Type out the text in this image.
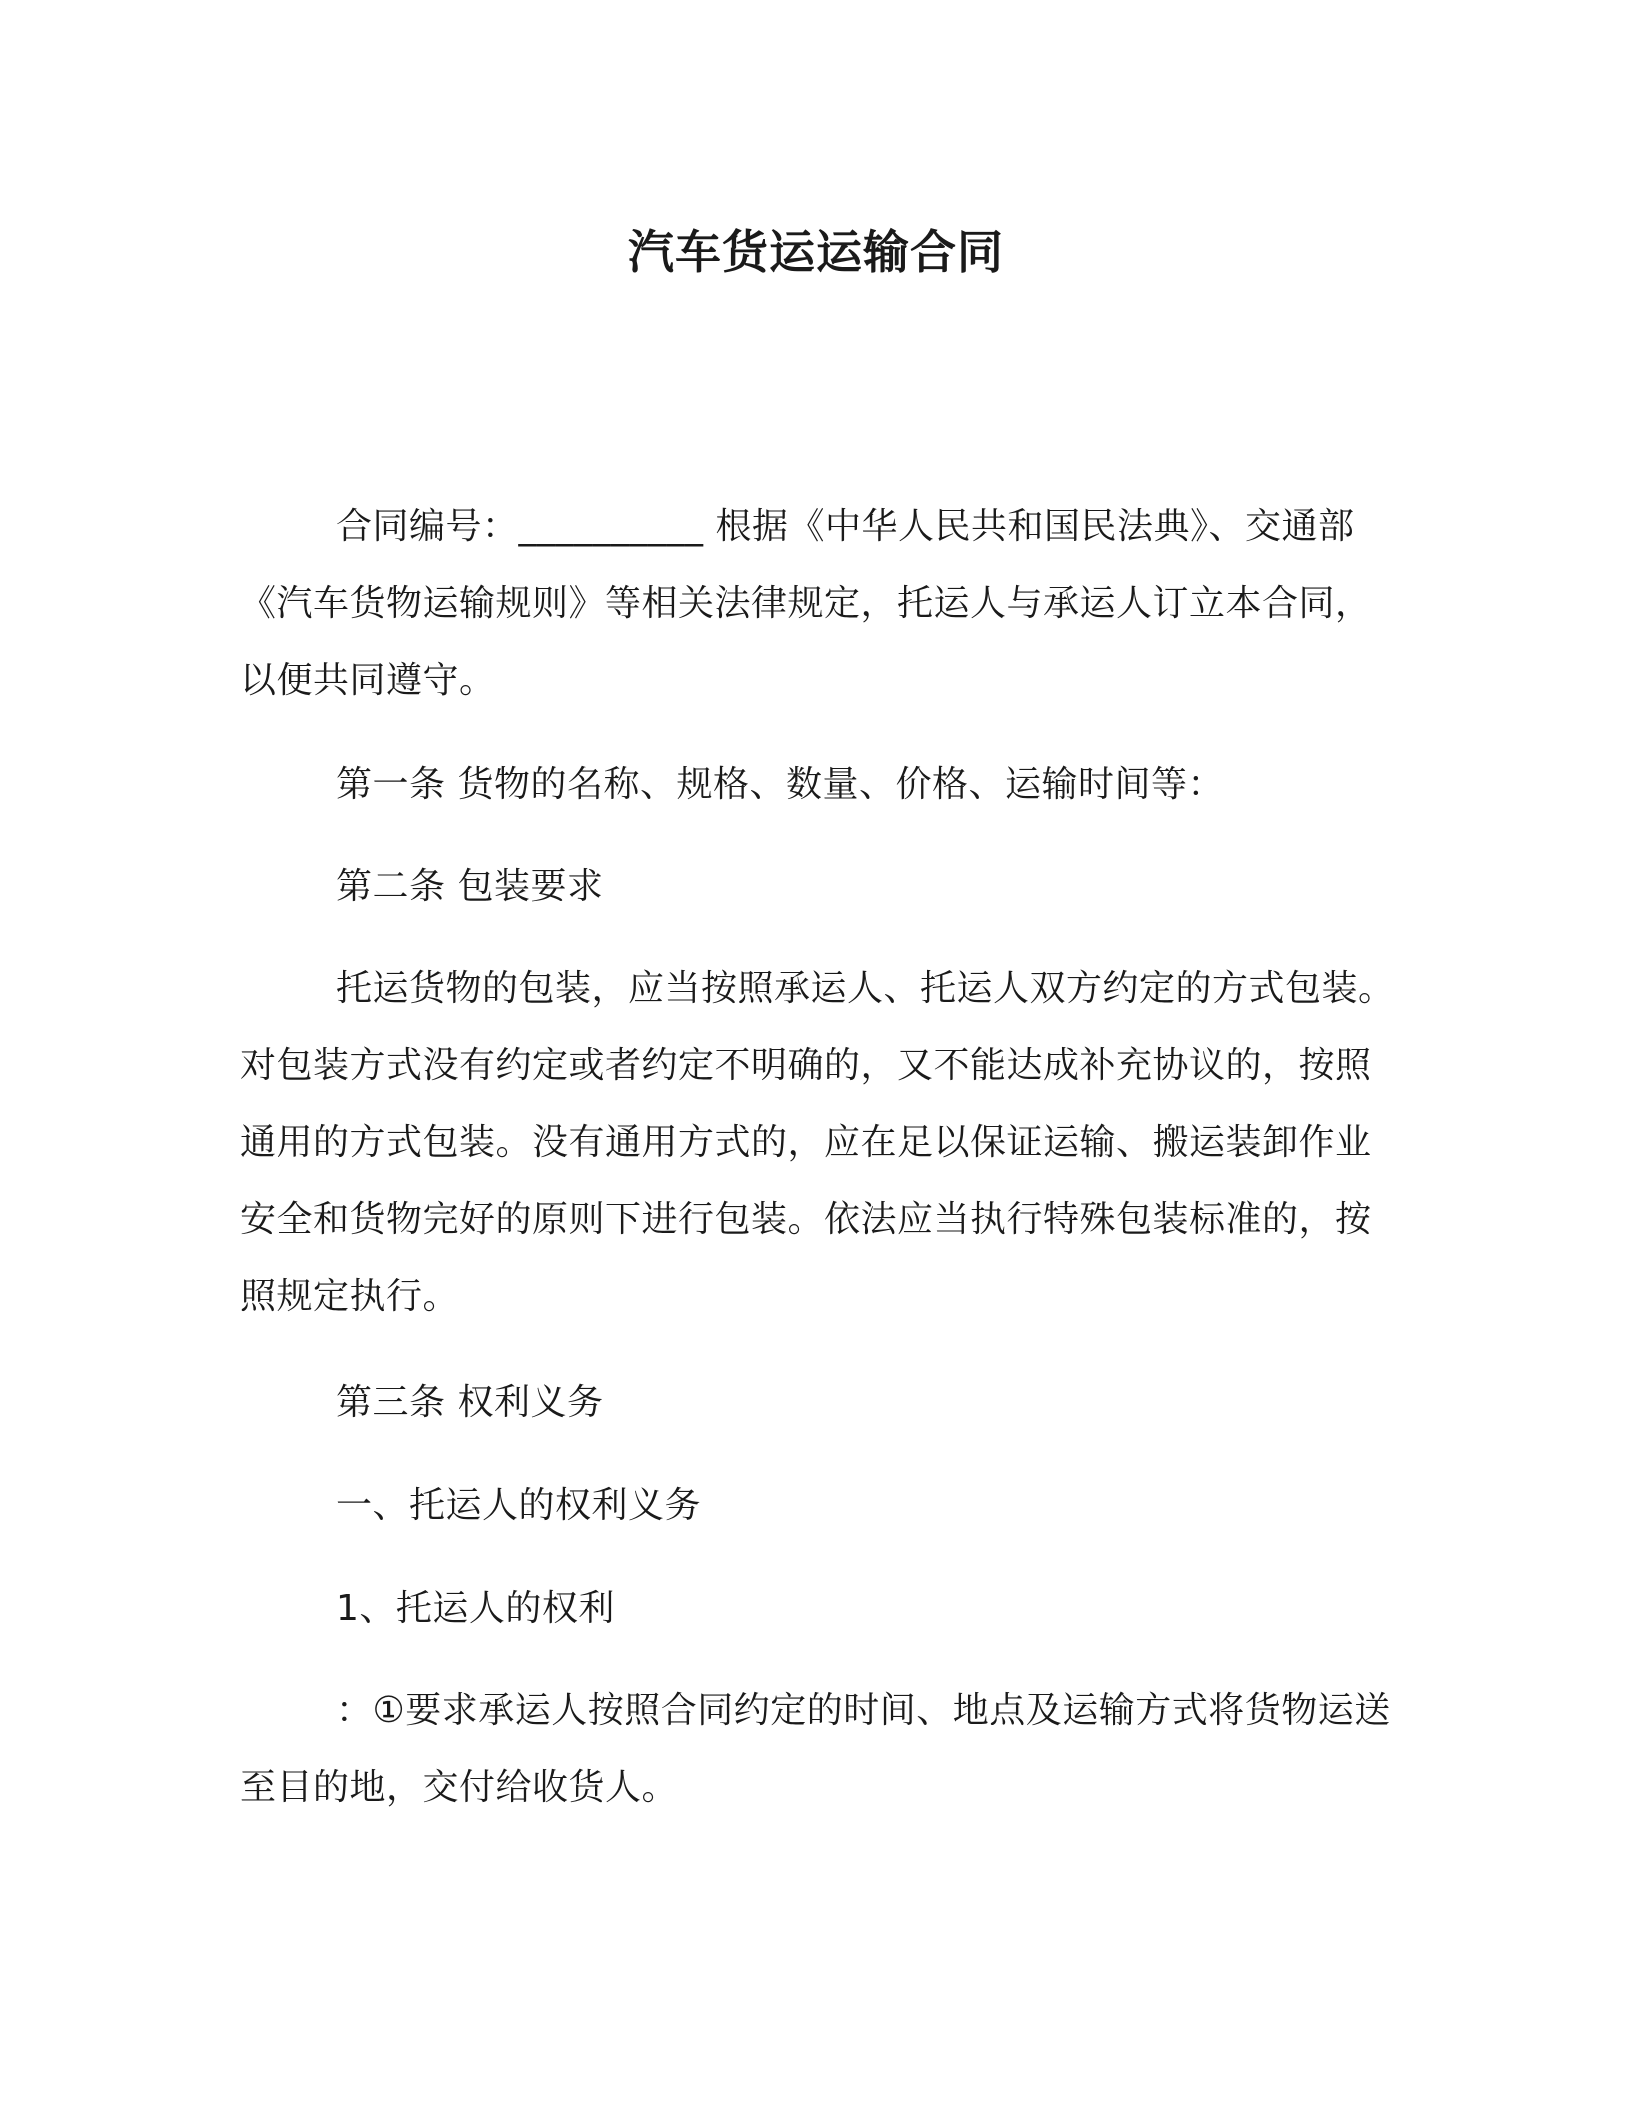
汽车货运运输合同

合同编号：__________ 根据《中华人民共和国民法典》、交通部《汽车货物运输规则》等相关法律规定，托运人与承运人订立本合同，以便共同遵守。

第一条 货物的名称、规格、数量、价格、运输时间等：

第二条 包装要求

托运货物的包装，应当按照承运人、托运人双方约定的方式包装。对包装方式没有约定或者约定不明确的，又不能达成补充协议的，按照通用的方式包装。没有通用方式的，应在足以保证运输、搬运装卸作业安全和货物完好的原则下进行包装。依法应当执行特殊包装标准的，按照规定执行。

第三条 权利义务

一、托运人的权利义务

1、托运人的权利

：①要求承运人按照合同约定的时间、地点及运输方式将货物运送至目的地，交付给收货人。
